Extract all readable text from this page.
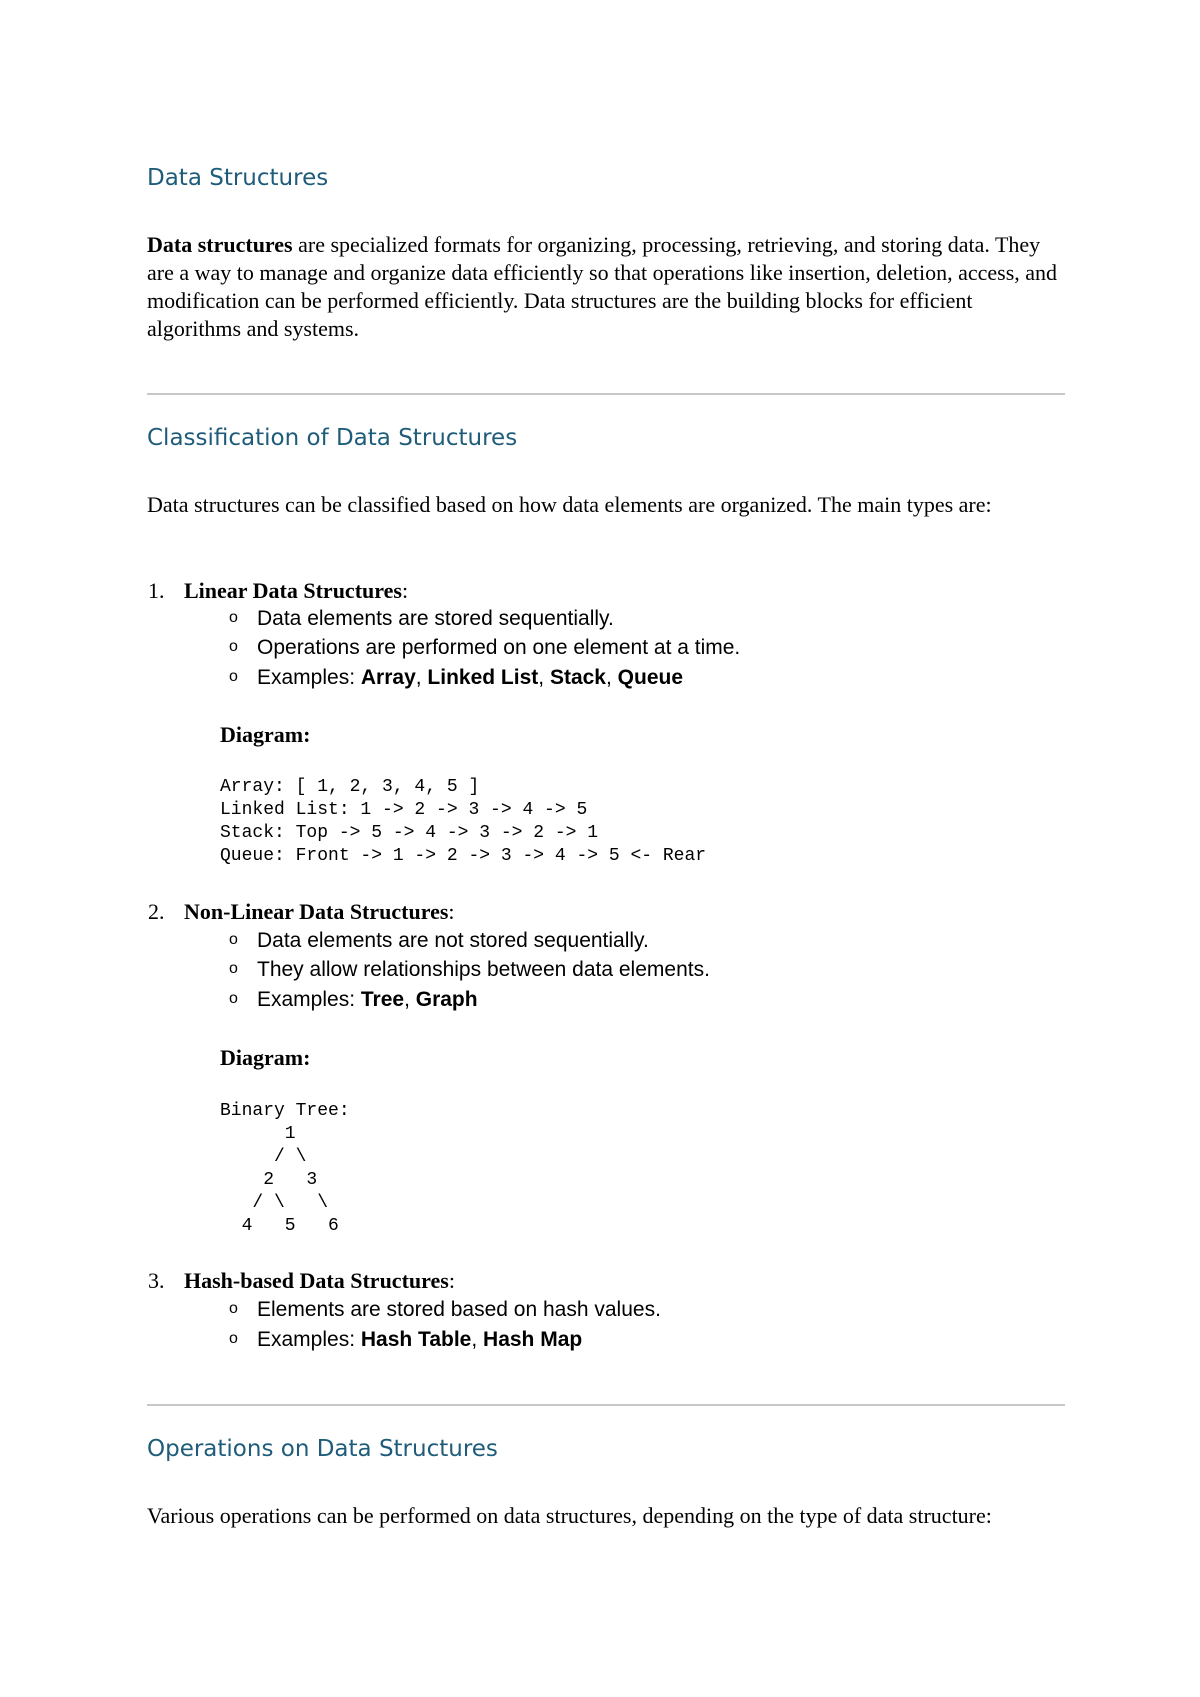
Data Structures

Data structures are specialized formats for organizing, processing, retrieving, and storing data. They are a way to manage and organize data efficiently so that operations like insertion, deletion, access, and modification can be performed efficiently. Data structures are the building blocks for efficient algorithms and systems.

Classification of Data Structures

Data structures can be classified based on how data elements are organized. The main types are:

1. Linear Data Structures:
o Data elements are stored sequentially.
o Operations are performed on one element at a time.
o Examples: Array, Linked List, Stack, Queue
Diagram:
Array: [ 1, 2, 3, 4, 5 ]
Linked List: 1 -> 2 -> 3 -> 4 -> 5
Stack: Top -> 5 -> 4 -> 3 -> 2 -> 1
Queue: Front -> 1 -> 2 -> 3 -> 4 -> 5 <- Rear
2. Non-Linear Data Structures:
o Data elements are not stored sequentially.
o They allow relationships between data elements.
o Examples: Tree, Graph
Diagram:
Binary Tree:
1
/ \
2   3
/ \   \
4   5   6
3. Hash-based Data Structures:
o Elements are stored based on hash values.
o Examples: Hash Table, Hash Map
Operations on Data Structures

Various operations can be performed on data structures, depending on the type of data structure:
